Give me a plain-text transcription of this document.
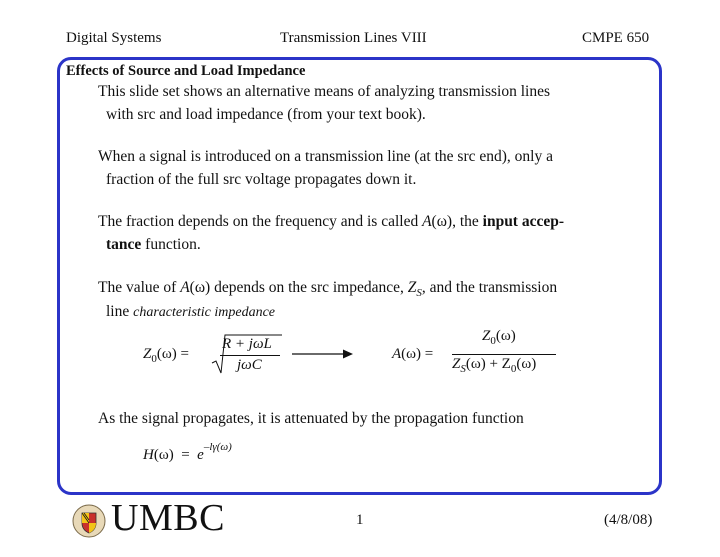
Digital Systems	Transmission Lines VIII	CMPE 650
Effects of Source and Load Impedance
This slide set shows an alternative means of analyzing transmission lines
with src and load impedance (from your text book).
When a signal is introduced on a transmission line (at the src end), only a
fraction of the full src voltage propagates down it.
The fraction depends on the frequency and is called A(ω), the input accep-
tance function.
The value of A(ω) depends on the src impedance, $Z_S$, and the transmission
line characteristic impedance
$Z_0(\omega)$ =
R + jωL
jωC
A(ω) =
$Z_0(\omega)$
$Z_S(\omega) + Z_0(\omega)$
As the signal propagates, it is attenuated by the propagation function
$H(\omega) = e^{-l\gamma(\omega)}$
UMBC	1	(4/8/08)
